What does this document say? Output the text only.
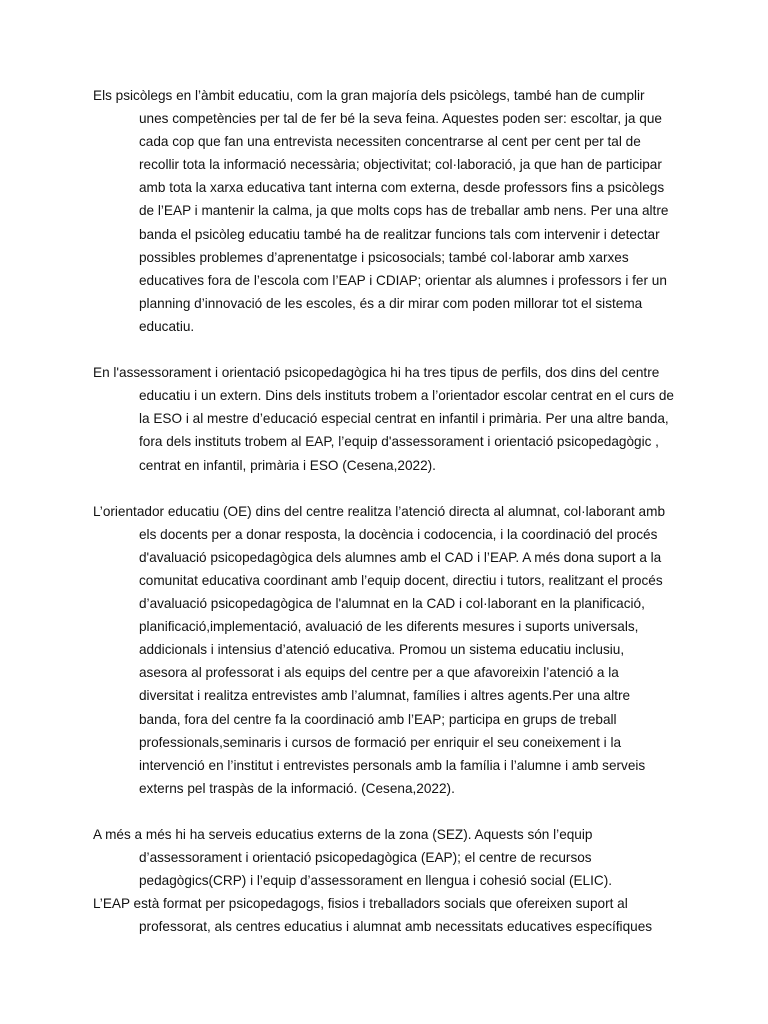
Els psicòlegs en l’àmbit educatiu, com la gran majoría dels psicòlegs, també han de cumplir unes competències per tal de fer bé la seva feina. Aquestes poden ser: escoltar, ja que cada cop que fan una entrevista necessiten concentrarse al cent per cent per tal de recollir tota la informació necessària; objectivitat; col·laboració, ja que han de participar amb tota la xarxa educativa tant interna com externa, desde professors fins a psicòlegs de l’EAP i mantenir la calma, ja que molts cops has de treballar amb nens. Per una altre banda el psicòleg educatiu també ha de realitzar funcions tals com intervenir i detectar possibles problemes d’aprenentatge i psicosocials; també col·laborar amb xarxes educatives fora de l’escola com l’EAP i CDIAP; orientar als alumnes i professors i fer un planning d’innovació de les escoles, és a dir mirar com poden millorar tot el sistema educatiu.

En l'assessorament i orientació psicopedagògica hi ha tres tipus de perfils, dos dins del centre educatiu i un extern. Dins dels instituts trobem a l’orientador escolar centrat en el curs de la ESO i al mestre d’educació especial centrat en infantil i primària. Per una altre banda, fora dels instituts trobem al EAP, l’equip d'assessorament i orientació psicopedagògic , centrat en infantil, primària i ESO (Cesena,2022).

L’orientador educatiu (OE) dins del centre realitza l’atenció directa al alumnat, col·laborant amb els docents per a donar resposta, la docència i codocencia, i la coordinació del procés d'avaluació psicopedagògica dels alumnes amb el CAD i l’EAP. A més dona suport a la comunitat educativa coordinant amb l’equip docent, directiu i tutors, realitzant el procés d’avaluació psicopedagògica de l'alumnat en la CAD i col·laborant en la planificació, planificació,implementació, avaluació de les diferents mesures i suports universals, addicionals i intensius d’atenció educativa. Promou un sistema educatiu inclusiu, asesora al professorat i als equips del centre per a que afavoreixin l’atenció a la diversitat i realitza entrevistes amb l’alumnat, famílies i altres agents.Per una altre banda, fora del centre fa la coordinació amb l’EAP; participa en grups de treball professionals,seminaris i cursos de formació per enriquir el seu coneixement i la intervenció en l’institut i entrevistes personals amb la família i l’alumne i amb serveis externs pel traspàs de la informació. (Cesena,2022).

A més a més hi ha serveis educatius externs de la zona (SEZ). Aquests són l’equip d’assessorament i orientació psicopedagògica (EAP); el centre de recursos pedagògics(CRP) i l’equip d’assessorament en llengua i cohesió social (ELIC).

L’EAP està format per psicopedagogs, fisios i treballadors socials que ofereixen suport al professorat, als centres educatius i alumnat amb necessitats educatives específiques
